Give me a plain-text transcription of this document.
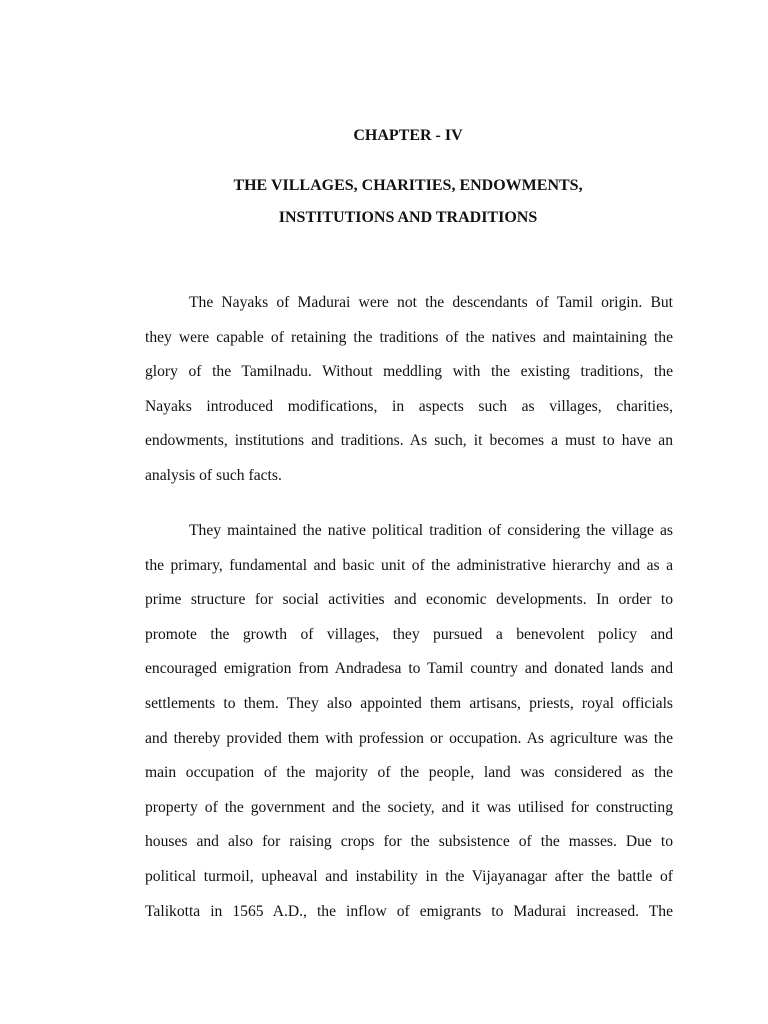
CHAPTER - IV
THE VILLAGES, CHARITIES, ENDOWMENTS,
INSTITUTIONS AND TRADITIONS
The Nayaks of Madurai were not the descendants of Tamil origin. But
they were capable of retaining the traditions of the natives and maintaining the
glory of the Tamilnadu. Without meddling with the existing traditions, the
Nayaks introduced modifications, in aspects such as villages, charities,
endowments, institutions and traditions. As such, it becomes a must to have an
analysis of such facts.
They maintained the native political tradition of considering the village as
the primary, fundamental and basic unit of the administrative hierarchy and as a
prime structure for social activities and economic developments. In order to
promote the growth of villages, they pursued a benevolent policy and
encouraged emigration from Andradesa to Tamil country and donated lands and
settlements to them. They also appointed them artisans, priests, royal officials
and thereby provided them with profession or occupation. As agriculture was the
main occupation of the majority of the people, land was considered as the
property of the government and the society, and it was utilised for constructing
houses and also for raising crops for the subsistence of the masses. Due to
political turmoil, upheaval and instability in the Vijayanagar after the battle of
Talikotta in 1565 A.D., the inflow of emigrants to Madurai increased. The
